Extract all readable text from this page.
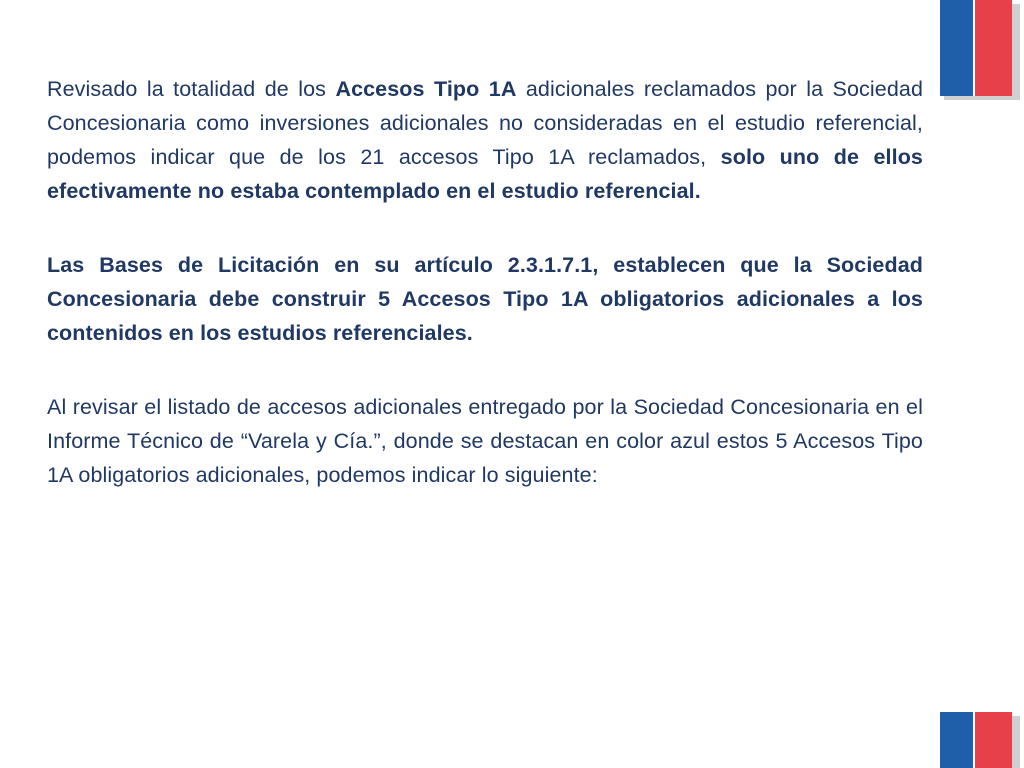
Revisado la totalidad de los Accesos Tipo 1A adicionales reclamados por la Sociedad Concesionaria como inversiones adicionales no consideradas en el estudio referencial, podemos indicar que de los 21 accesos Tipo 1A reclamados, solo uno de ellos efectivamente no estaba contemplado en el estudio referencial.

Las Bases de Licitación en su artículo 2.3.1.7.1, establecen que la Sociedad Concesionaria debe construir 5 Accesos Tipo 1A obligatorios adicionales a los contenidos en los estudios referenciales.

Al revisar el listado de accesos adicionales entregado por la Sociedad Concesionaria en el Informe Técnico de “Varela y Cía.”, donde se destacan en color azul estos 5 Accesos Tipo 1A obligatorios adicionales, podemos indicar lo siguiente:
